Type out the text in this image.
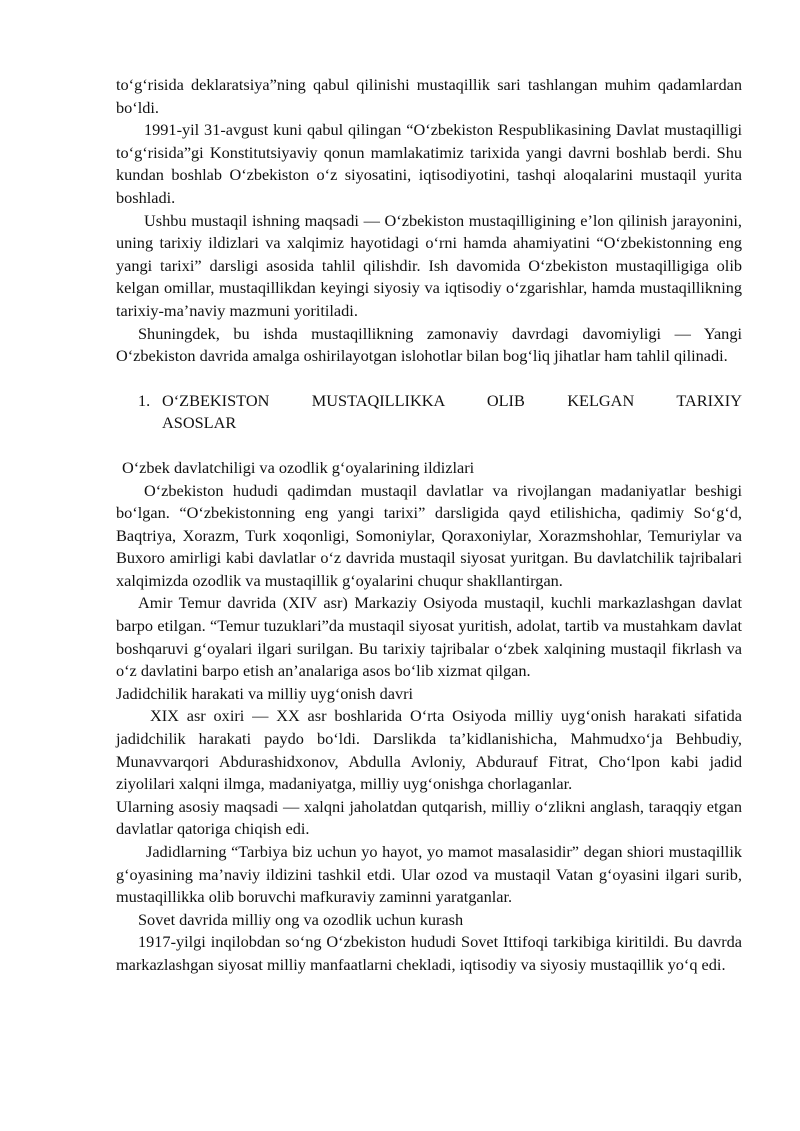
to‘g‘risida deklaratsiya”ning qabul qilinishi mustaqillik sari tashlangan muhim qadamlardan bo‘ldi.

1991-yil 31-avgust kuni qabul qilingan “O‘zbekiston Respublikasining Davlat mustaqilligi to‘g‘risida”gi Konstitutsiyaviy qonun mamlakatimiz tarixida yangi davrni boshlab berdi. Shu kundan boshlab O‘zbekiston o‘z siyosatini, iqtisodiyotini, tashqi aloqalarini mustaqil yurita boshladi.

Ushbu mustaqil ishning maqsadi — O‘zbekiston mustaqilligining e’lon qilinish jarayonini, uning tarixiy ildizlari va xalqimiz hayotidagi o‘rni hamda ahamiyatini “O‘zbekistonning eng yangi tarixi” darsligi asosida tahlil qilishdir. Ish davomida O‘zbekiston mustaqilligiga olib kelgan omillar, mustaqillikdan keyingi siyosiy va iqtisodiy o‘zgarishlar, hamda mustaqillikning tarixiy-ma’naviy mazmuni yoritiladi.

Shuningdek, bu ishda mustaqillikning zamonaviy davrdagi davomiyligi — Yangi O‘zbekiston davrida amalga oshirilayotgan islohotlar bilan bog‘liq jihatlar ham tahlil qilinadi.

1. O‘ZBEKISTON MUSTAQILLIKKA OLIB KELGAN TARIXIY
ASOSLAR

O‘zbek davlatchiligi va ozodlik g‘oyalarining ildizlari

O‘zbekiston hududi qadimdan mustaqil davlatlar va rivojlangan madaniyatlar beshigi bo‘lgan. “O‘zbekistonning eng yangi tarixi” darsligida qayd etilishicha, qadimiy So‘g‘d, Baqtriya, Xorazm, Turk xoqonligi, Somoniylar, Qoraxoniylar, Xorazmshohlar, Temuriylar va Buxoro amirligi kabi davlatlar o‘z davrida mustaqil siyosat yuritgan. Bu davlatchilik tajribalari xalqimizda ozodlik va mustaqillik g‘oyalarini chuqur shakllantirgan.

Amir Temur davrida (XIV asr) Markaziy Osiyoda mustaqil, kuchli markazlashgan davlat barpo etilgan. “Temur tuzuklari”da mustaqil siyosat yuritish, adolat, tartib va mustahkam davlat boshqaruvi g‘oyalari ilgari surilgan. Bu tarixiy tajribalar o‘zbek xalqining mustaqil fikrlash va o‘z davlatini barpo etish an’analariga asos bo‘lib xizmat qilgan.

Jadidchilik harakati va milliy uyg‘onish davri

XIX asr oxiri — XX asr boshlarida O‘rta Osiyoda milliy uyg‘onish harakati sifatida jadidchilik harakati paydo bo‘ldi. Darslikda ta’kidlanishicha, Mahmudxo‘ja Behbudiy, Munavvarqori Abdurashidxonov, Abdulla Avloniy, Abdurauf Fitrat, Cho‘lpon kabi jadid ziyolilari xalqni ilmga, madaniyatga, milliy uyg‘onishga chorlaganlar.

Ularning asosiy maqsadi — xalqni jaholatdan qutqarish, milliy o‘zlikni anglash, taraqqiy etgan davlatlar qatoriga chiqish edi.

Jadidlarning “Tarbiya biz uchun yo hayot, yo mamot masalasidir” degan shiori mustaqillik g‘oyasining ma’naviy ildizini tashkil etdi. Ular ozod va mustaqil Vatan g‘oyasini ilgari surib, mustaqillikka olib boruvchi mafkuraviy zaminni yaratganlar.

Sovet davrida milliy ong va ozodlik uchun kurash

1917-yilgi inqilobdan so‘ng O‘zbekiston hududi Sovet Ittifoqi tarkibiga kiritildi. Bu davrda markazlashgan siyosat milliy manfaatlarni chekladi, iqtisodiy va siyosiy mustaqillik yo‘q edi.
